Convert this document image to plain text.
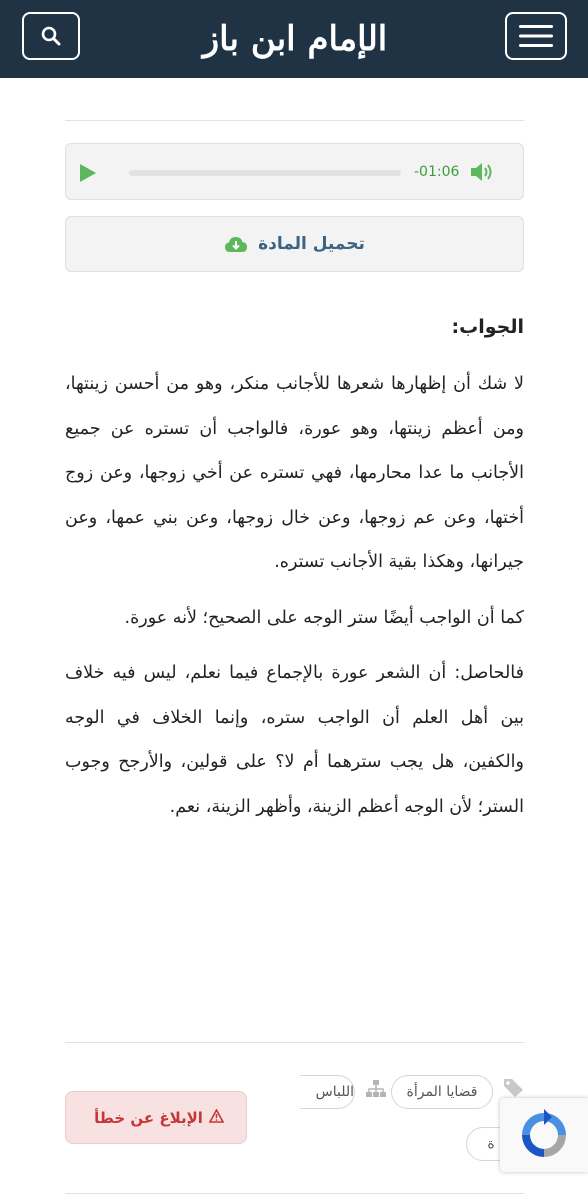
الإمام ابن باز
-01:06
تحميل المادة
الجواب:

لا شك أن إظهارها شعرها للأجانب منكر، وهو من أحسن زينتها، ومن أعظم زينتها، وهو عورة، فالواجب أن تستره عن جميع الأجانب ما عدا محارمها، فهي تستره عن أخي زوجها، وعن زوج أختها، وعن عم زوجها، وعن خال زوجها، وعن بني عمها، وعن جيرانها، وهكذا بقية الأجانب تستره.

كما أن الواجب أيضًا ستر الوجه على الصحيح؛ لأنه عورة.

فالحاصل: أن الشعر عورة بالإجماع فيما نعلم، ليس فيه خلاف بين أهل العلم أن الواجب ستره، وإنما الخلاف في الوجه والكفين، هل يجب سترهما أم لا؟ على قولين، والأرجح وجوب الستر؛ لأن الوجه أعظم الزينة، وأظهر الزينة، نعم.

قضايا المرأة
اللباس
ة
الإبلاغ عن خطأ
